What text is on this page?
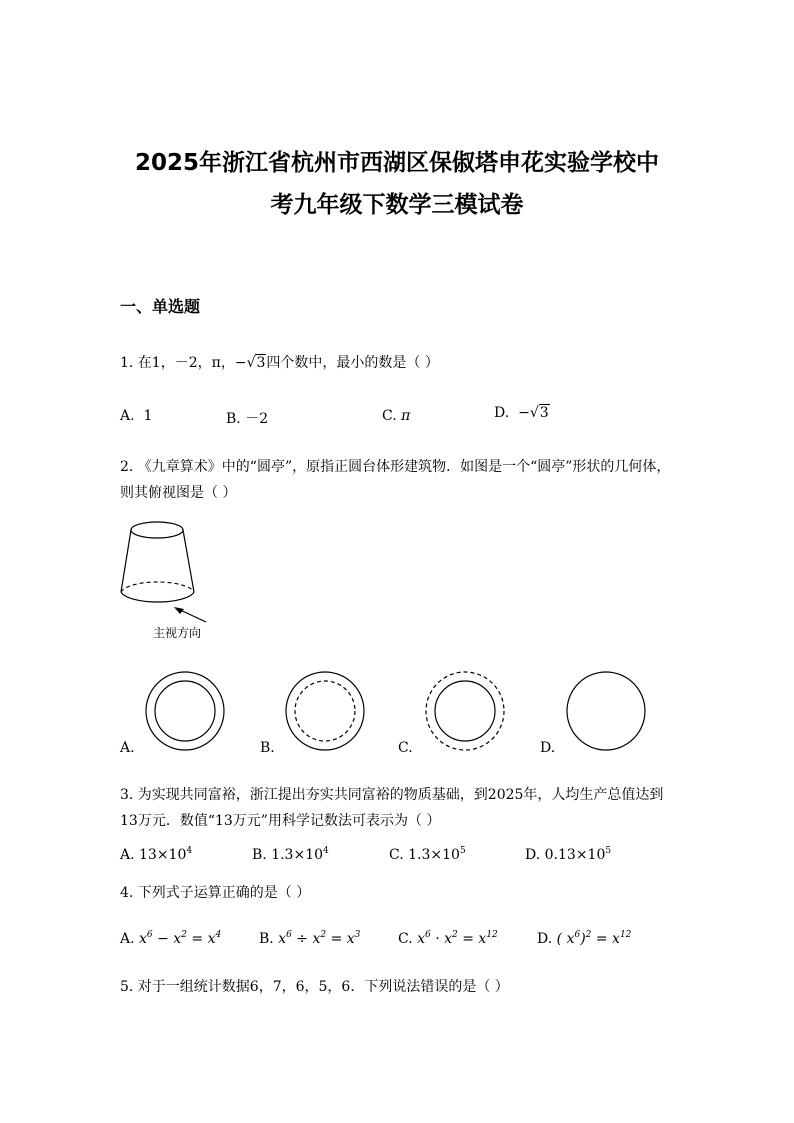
2025年浙江省杭州市西湖区保俶塔申花实验学校中
考九年级下数学三模试卷
一、单选题
1. 在1，－2，π，−√3四个数中，最小的数是（ ）
A. 1	B. －2	C. π	D. −√3
2. 《九章算术》中的“圆亭”，原指正圆台体形建筑物．如图是一个“圆亭”形状的几何体，则其俯视图是（ ）
主视方向
A.	B.	C.	D.
3. 为实现共同富裕，浙江提出夯实共同富裕的物质基础，到2025年，人均生产总值达到13万元．数值“13万元”用科学记数法可表示为（ ）
A. $13\times 10^4$	B. $1.3\times 10^4$	C. $1.3\times 10^5$	D. $0.13\times 10^5$
4. 下列式子运算正确的是（ ）
A. $x^6 - x^2 = x^4$	B. $x^6 \div x^2 = x^3$	C. $x^6 \cdot x^2 = x^{12}$	D. ( $x^6)^2 = x^{12}$
5. 对于一组统计数据6，7，6，5，6．下列说法错误的是（ ）
